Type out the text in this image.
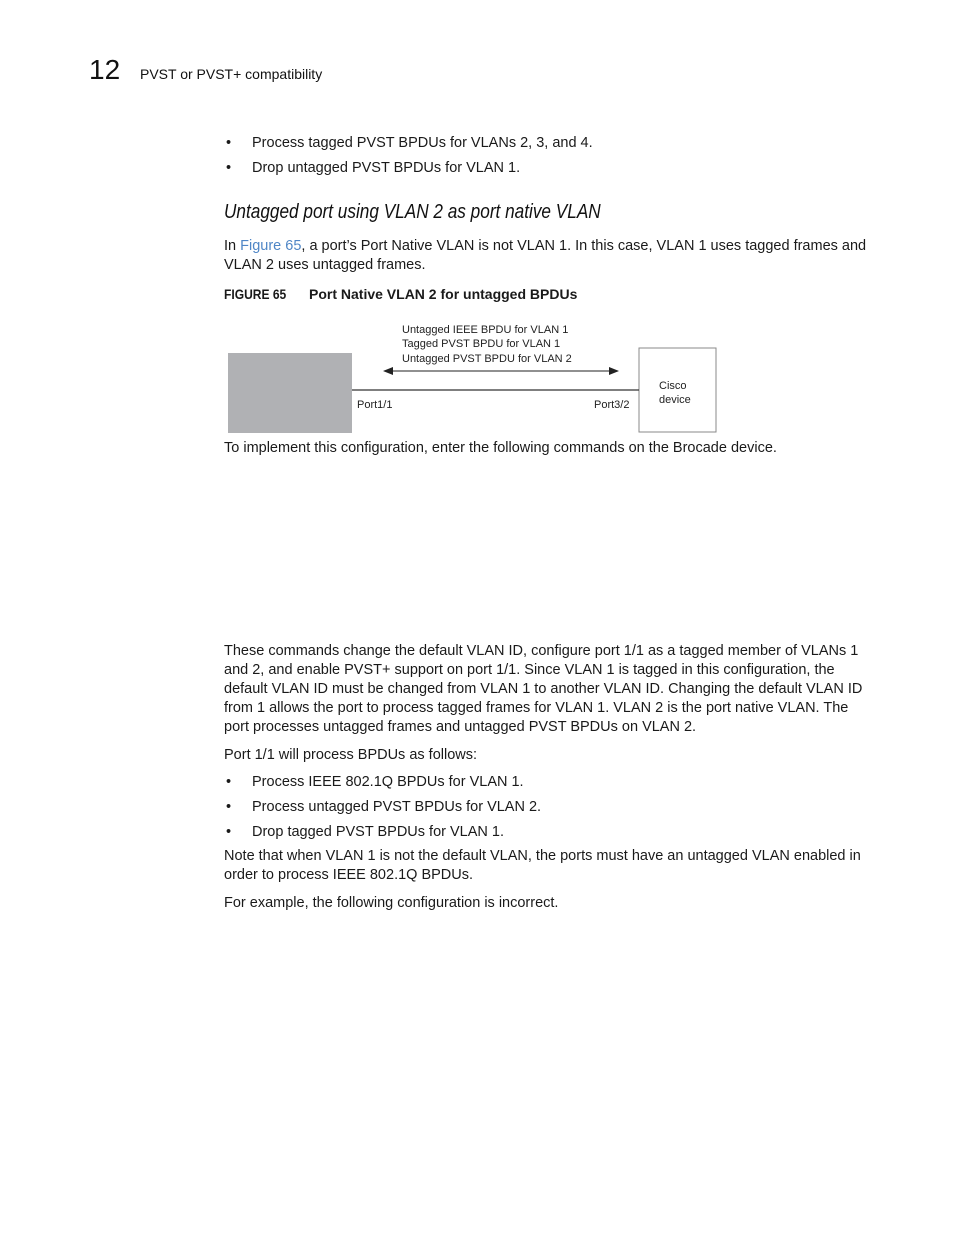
12 PVST or PVST+ compatibility
• Process tagged PVST BPDUs for VLANs 2, 3, and 4.
• Drop untagged PVST BPDUs for VLAN 1.
Untagged port using VLAN 2 as port native VLAN
In Figure 65, a port’s Port Native VLAN is not VLAN 1. In this case, VLAN 1 uses tagged frames and
VLAN 2 uses untagged frames.
FIGURE 65 Port Native VLAN 2 for untagged BPDUs
Untagged IEEE BPDU for VLAN 1
Tagged PVST BPDU for VLAN 1
Untagged PVST BPDU for VLAN 2
Port1/1	Port3/2
Cisco
device
To implement this configuration, enter the following commands on the Brocade device.
These commands change the default VLAN ID, configure port 1/1 as a tagged member of VLANs 1
and 2, and enable PVST+ support on port 1/1. Since VLAN 1 is tagged in this configuration, the
default VLAN ID must be changed from VLAN 1 to another VLAN ID. Changing the default VLAN ID
from 1 allows the port to process tagged frames for VLAN 1. VLAN 2 is the port native VLAN. The
port processes untagged frames and untagged PVST BPDUs on VLAN 2.
Port 1/1 will process BPDUs as follows:
• Process IEEE 802.1Q BPDUs for VLAN 1.
• Process untagged PVST BPDUs for VLAN 2.
• Drop tagged PVST BPDUs for VLAN 1.
Note that when VLAN 1 is not the default VLAN, the ports must have an untagged VLAN enabled in
order to process IEEE 802.1Q BPDUs.
For example, the following configuration is incorrect.
